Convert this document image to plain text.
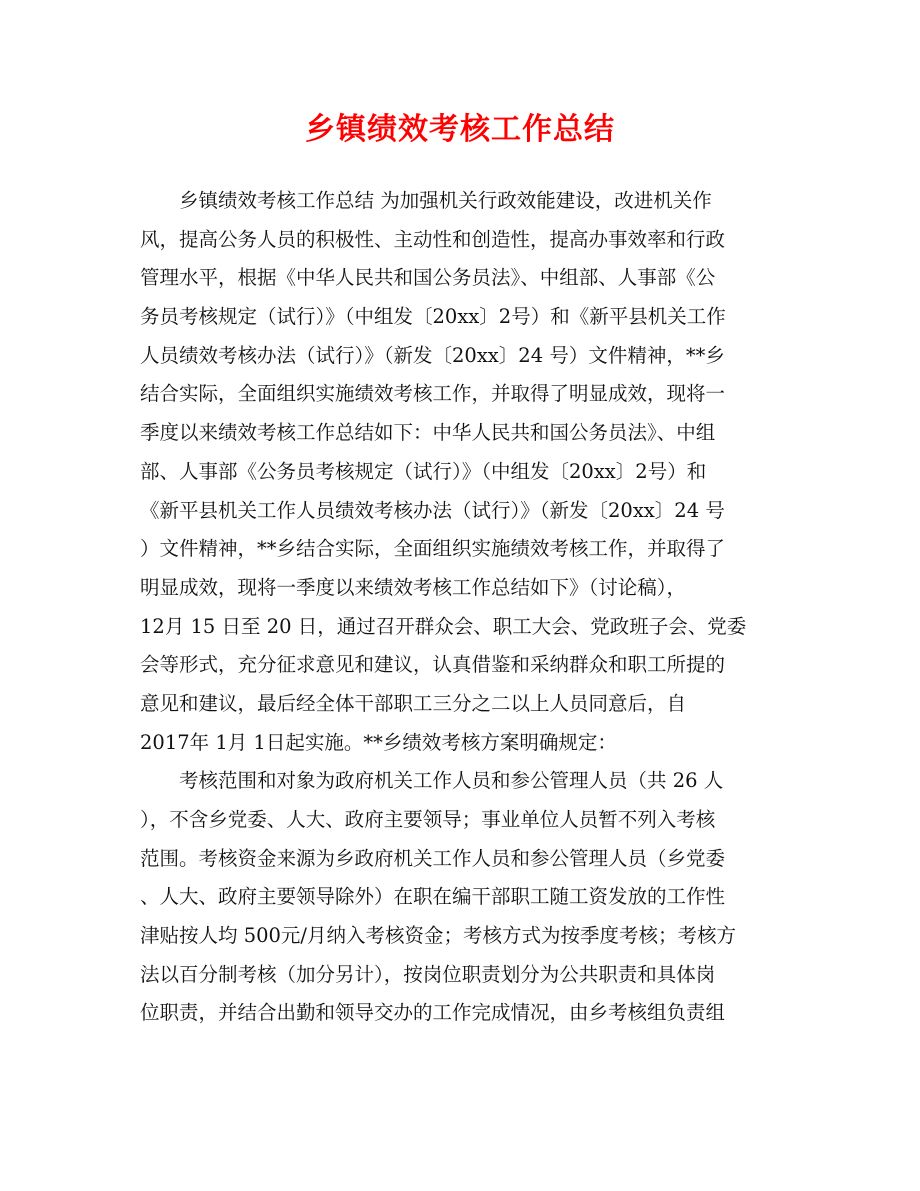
乡镇绩效考核工作总结
乡镇绩效考核工作总结 为加强机关行政效能建设，改进机关作
风，提高公务人员的积极性、主动性和创造性，提高办事效率和行政
管理水平，根据《中华人民共和国公务员法》、中组部、人事部《公
务员考核规定（试行）》（中组发〔20xx〕2号）和《新平县机关工作
人员绩效考核办法（试行）》（新发〔20xx〕24 号）文件精神，**乡
结合实际，全面组织实施绩效考核工作，并取得了明显成效，现将一
季度以来绩效考核工作总结如下：中华人民共和国公务员法》、中组
部、人事部《公务员考核规定（试行）》（中组发〔20xx〕2号）和
《新平县机关工作人员绩效考核办法（试行）》（新发〔20xx〕24 号
）文件精神，**乡结合实际，全面组织实施绩效考核工作，并取得了
明显成效，现将一季度以来绩效考核工作总结如下》（讨论稿），
12月 15 日至 20 日，通过召开群众会、职工大会、党政班子会、党委
会等形式，充分征求意见和建议，认真借鉴和采纳群众和职工所提的
意见和建议，最后经全体干部职工三分之二以上人员同意后，自
2017年 1月 1日起实施。**乡绩效考核方案明确规定：
考核范围和对象为政府机关工作人员和参公管理人员（共 26 人
），不含乡党委、人大、政府主要领导；事业单位人员暂不列入考核
范围。考核资金来源为乡政府机关工作人员和参公管理人员（乡党委
、人大、政府主要领导除外）在职在编干部职工随工资发放的工作性
津贴按人均 500元/月纳入考核资金；考核方式为按季度考核；考核方
法以百分制考核（加分另计），按岗位职责划分为公共职责和具体岗
位职责，并结合出勤和领导交办的工作完成情况，由乡考核组负责组
